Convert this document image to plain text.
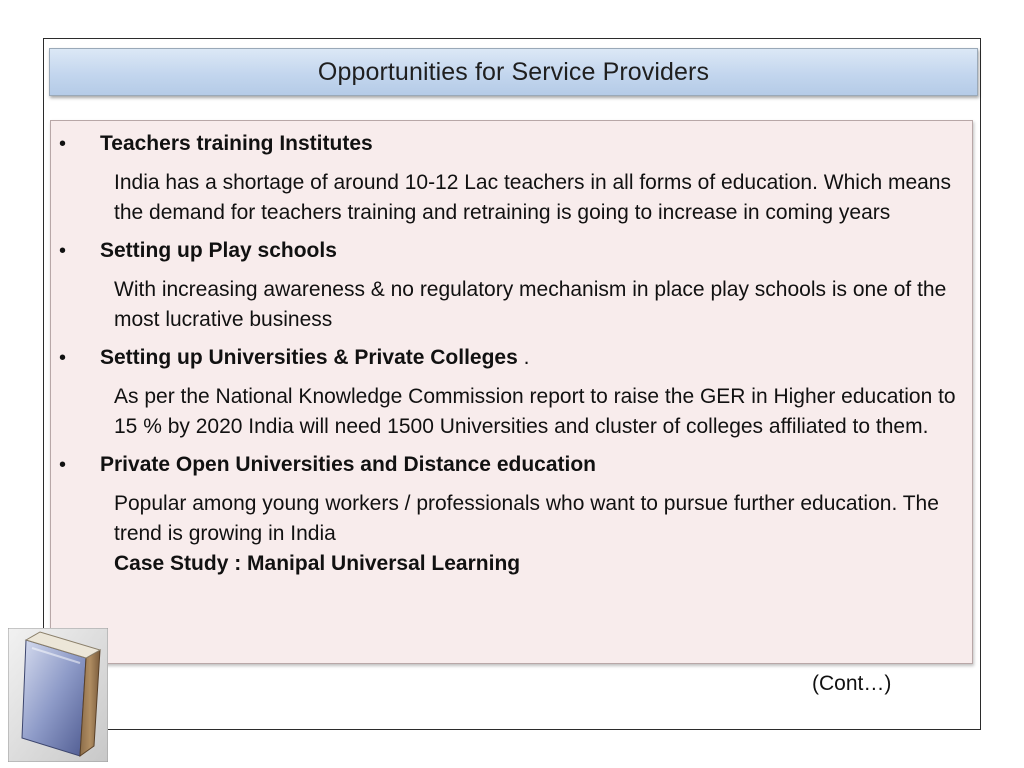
Opportunities for Service Providers
• Teachers training Institutes
India has a shortage of around 10-12 Lac teachers in all forms of education. Which means the demand for teachers training and retraining is going to increase in coming years
• Setting up Play schools
With increasing awareness & no regulatory mechanism in place play schools is one of the most lucrative business
• Setting up Universities & Private Colleges .
As per the National Knowledge Commission report to raise the GER in Higher education to 15 % by 2020 India will need 1500 Universities and cluster of colleges affiliated to them.
• Private Open Universities and Distance education
Popular among young workers / professionals who want to pursue further education. The trend is growing in India
Case Study : Manipal Universal Learning
(Cont…)
